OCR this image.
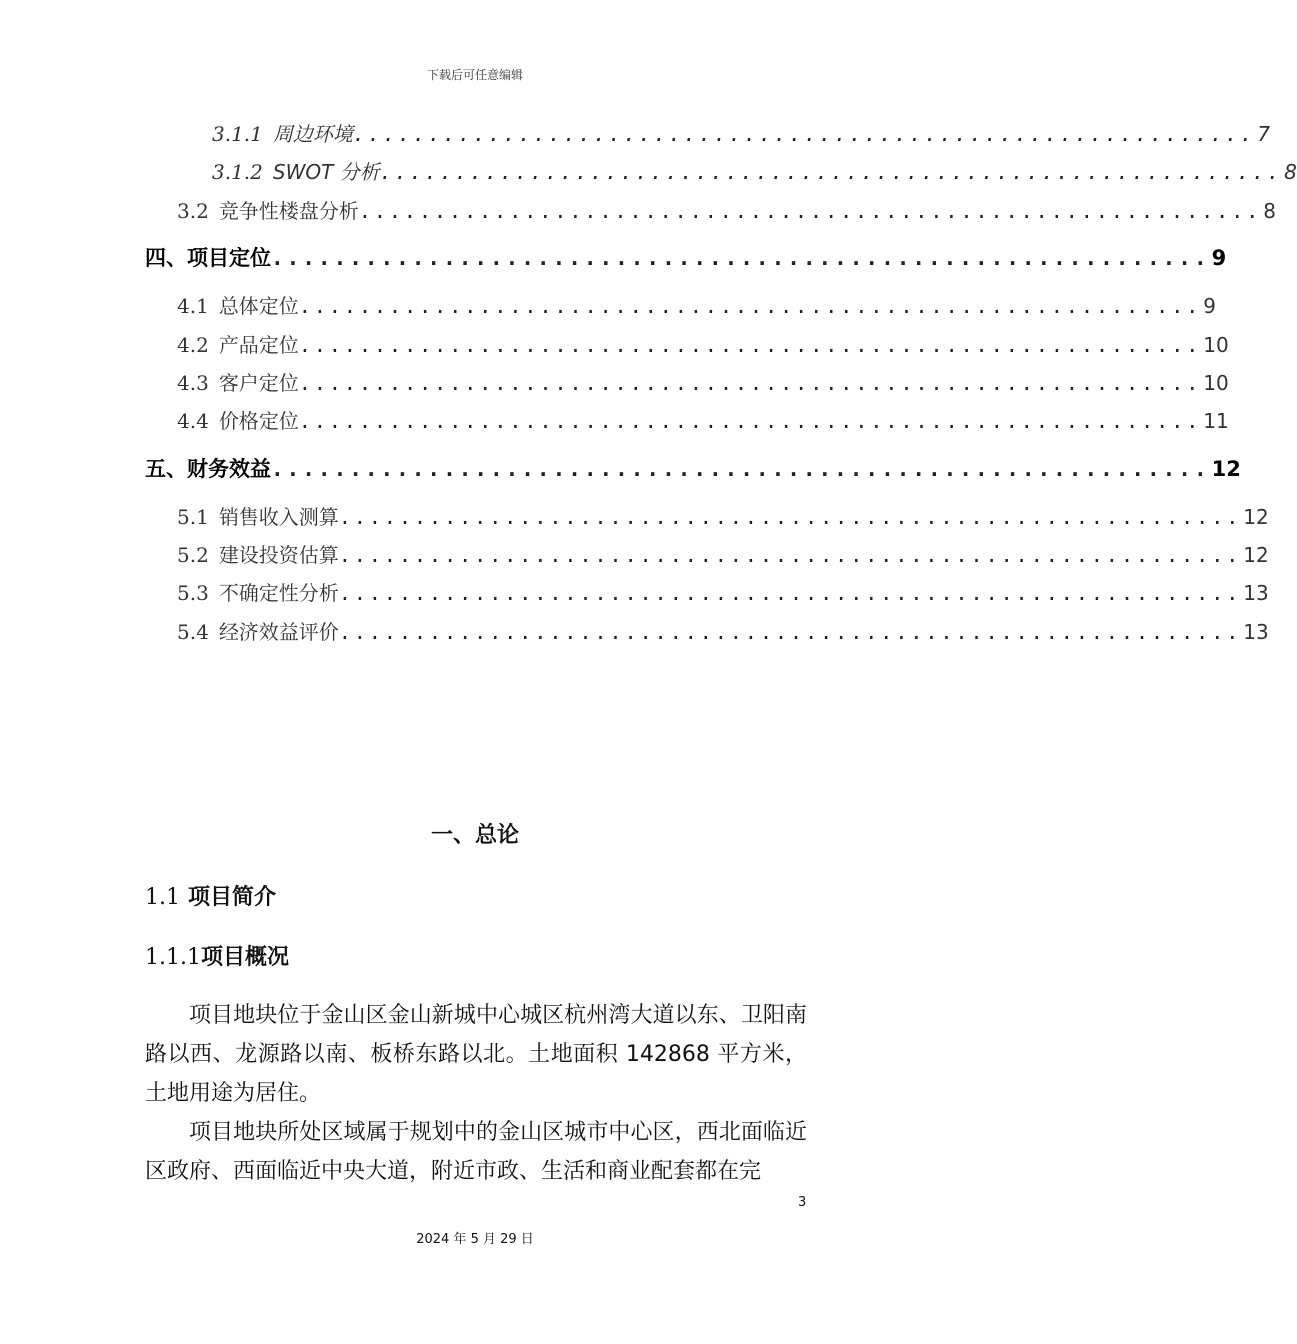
下载后可任意编辑
3.1.1 周边环境 ............................................................ 7
3.1.2 SWOT 分析 ............................................................ 8
3.2 竞争性楼盘分析 ............................................................ 8
四、项目定位 ............................................................ 9
4.1 总体定位 ............................................................ 9
4.2 产品定位 ............................................................ 10
4.3 客户定位 ............................................................ 10
4.4 价格定位 ............................................................ 11
五、财务效益 ............................................................ 12
5.1 销售收入测算 ............................................................ 12
5.2 建设投资估算 ............................................................ 12
5.3 不确定性分析 ............................................................ 13
5.4 经济效益评价 ............................................................ 13
一、总论
1.1 项目简介
1.1.1项目概况
项目地块位于金山区金山新城中心城区杭州湾大道以东、卫阳南路以西、龙源路以南、板桥东路以北。土地面积 142868 平方米，土地用途为居住。
项目地块所处区域属于规划中的金山区城市中心区，西北面临近区政府、西面临近中央大道，附近市政、生活和商业配套都在完
3
2024 年 5 月 29 日
